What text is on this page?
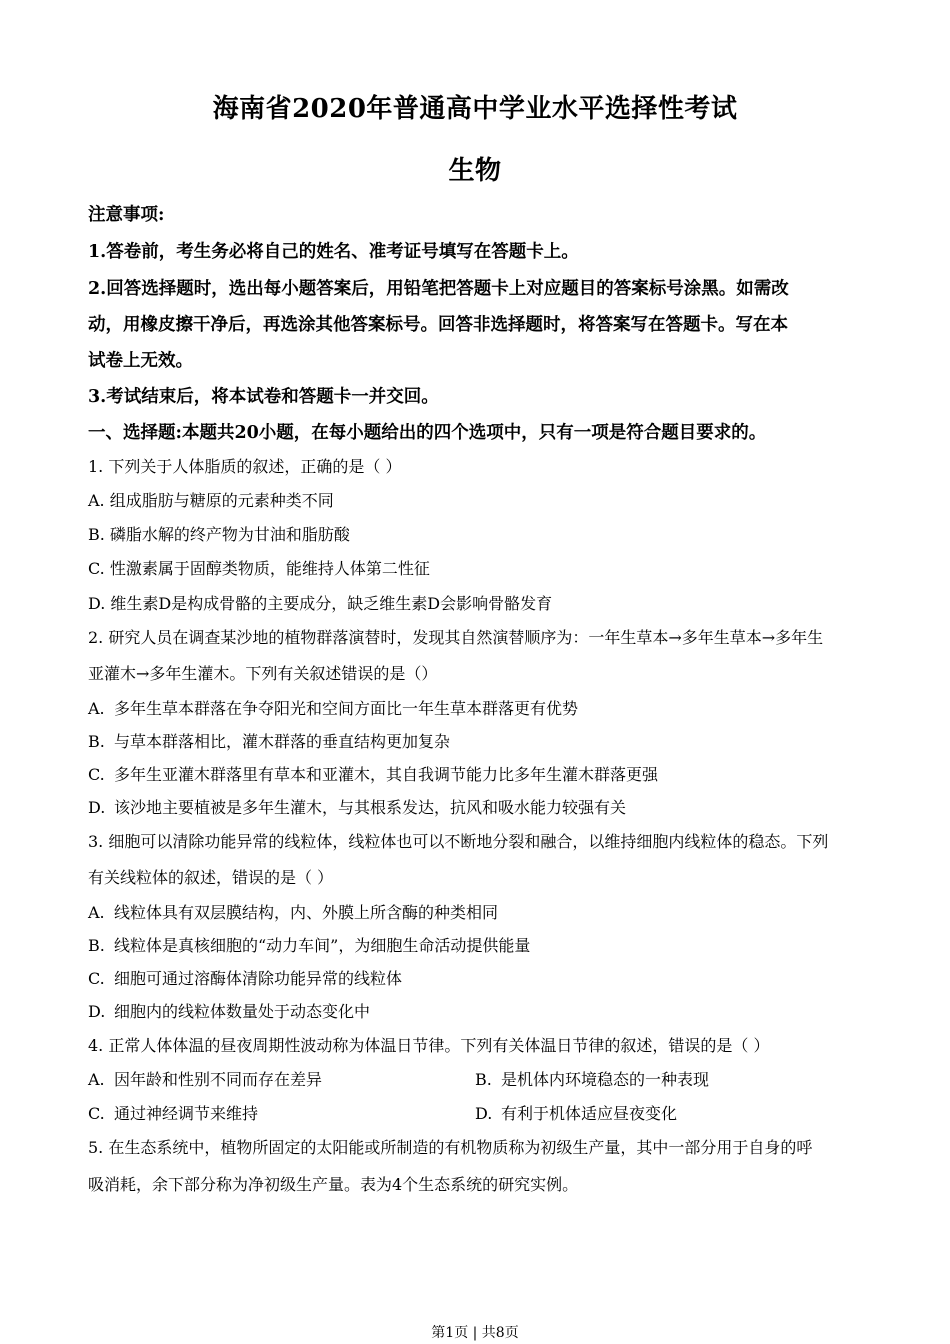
海南省2020年普通高中学业水平选择性考试
生物
注意事项:
1.答卷前，考生务必将自己的姓名、准考证号填写在答题卡上。
2.回答选择题时，选出每小题答案后，用铅笔把答题卡上对应题目的答案标号涂黑。如需改
动，用橡皮擦干净后，再选涂其他答案标号。回答非选择题时，将答案写在答题卡。写在本
试卷上无效。
3.考试结束后，将本试卷和答题卡一并交回。
一、选择题:本题共20小题，在每小题给出的四个选项中，只有一项是符合题目要求的。
1. 下列关于人体脂质的叙述，正确的是（ ）
A. 组成脂肪与糖原的元素种类不同
B. 磷脂水解的终产物为甘油和脂肪酸
C. 性激素属于固醇类物质，能维持人体第二性征
D. 维生素D是构成骨骼的主要成分，缺乏维生素D会影响骨骼发育
2. 研究人员在调查某沙地的植物群落演替时，发现其自然演替顺序为：一年生草本→多年生草本→多年生
亚灌木→多年生灌木。下列有关叙述错误的是（）
A. 多年生草本群落在争夺阳光和空间方面比一年生草本群落更有优势
B. 与草本群落相比，灌木群落的垂直结构更加复杂
C. 多年生亚灌木群落里有草本和亚灌木，其自我调节能力比多年生灌木群落更强
D. 该沙地主要植被是多年生灌木，与其根系发达，抗风和吸水能力较强有关
3. 细胞可以清除功能异常的线粒体，线粒体也可以不断地分裂和融合，以维持细胞内线粒体的稳态。下列
有关线粒体的叙述，错误的是（ ）
A. 线粒体具有双层膜结构，内、外膜上所含酶的种类相同
B. 线粒体是真核细胞的“动力车间”，为细胞生命活动提供能量
C. 细胞可通过溶酶体清除功能异常的线粒体
D. 细胞内的线粒体数量处于动态变化中
4. 正常人体体温的昼夜周期性波动称为体温日节律。下列有关体温日节律的叙述，错误的是（ ）
A. 因年龄和性别不同而存在差异	B. 是机体内环境稳态的一种表现
C. 通过神经调节来维持	D. 有利于机体适应昼夜变化
5. 在生态系统中，植物所固定的太阳能或所制造的有机物质称为初级生产量，其中一部分用于自身的呼
吸消耗，余下部分称为净初级生产量。表为4个生态系统的研究实例。
第1页 | 共8页
